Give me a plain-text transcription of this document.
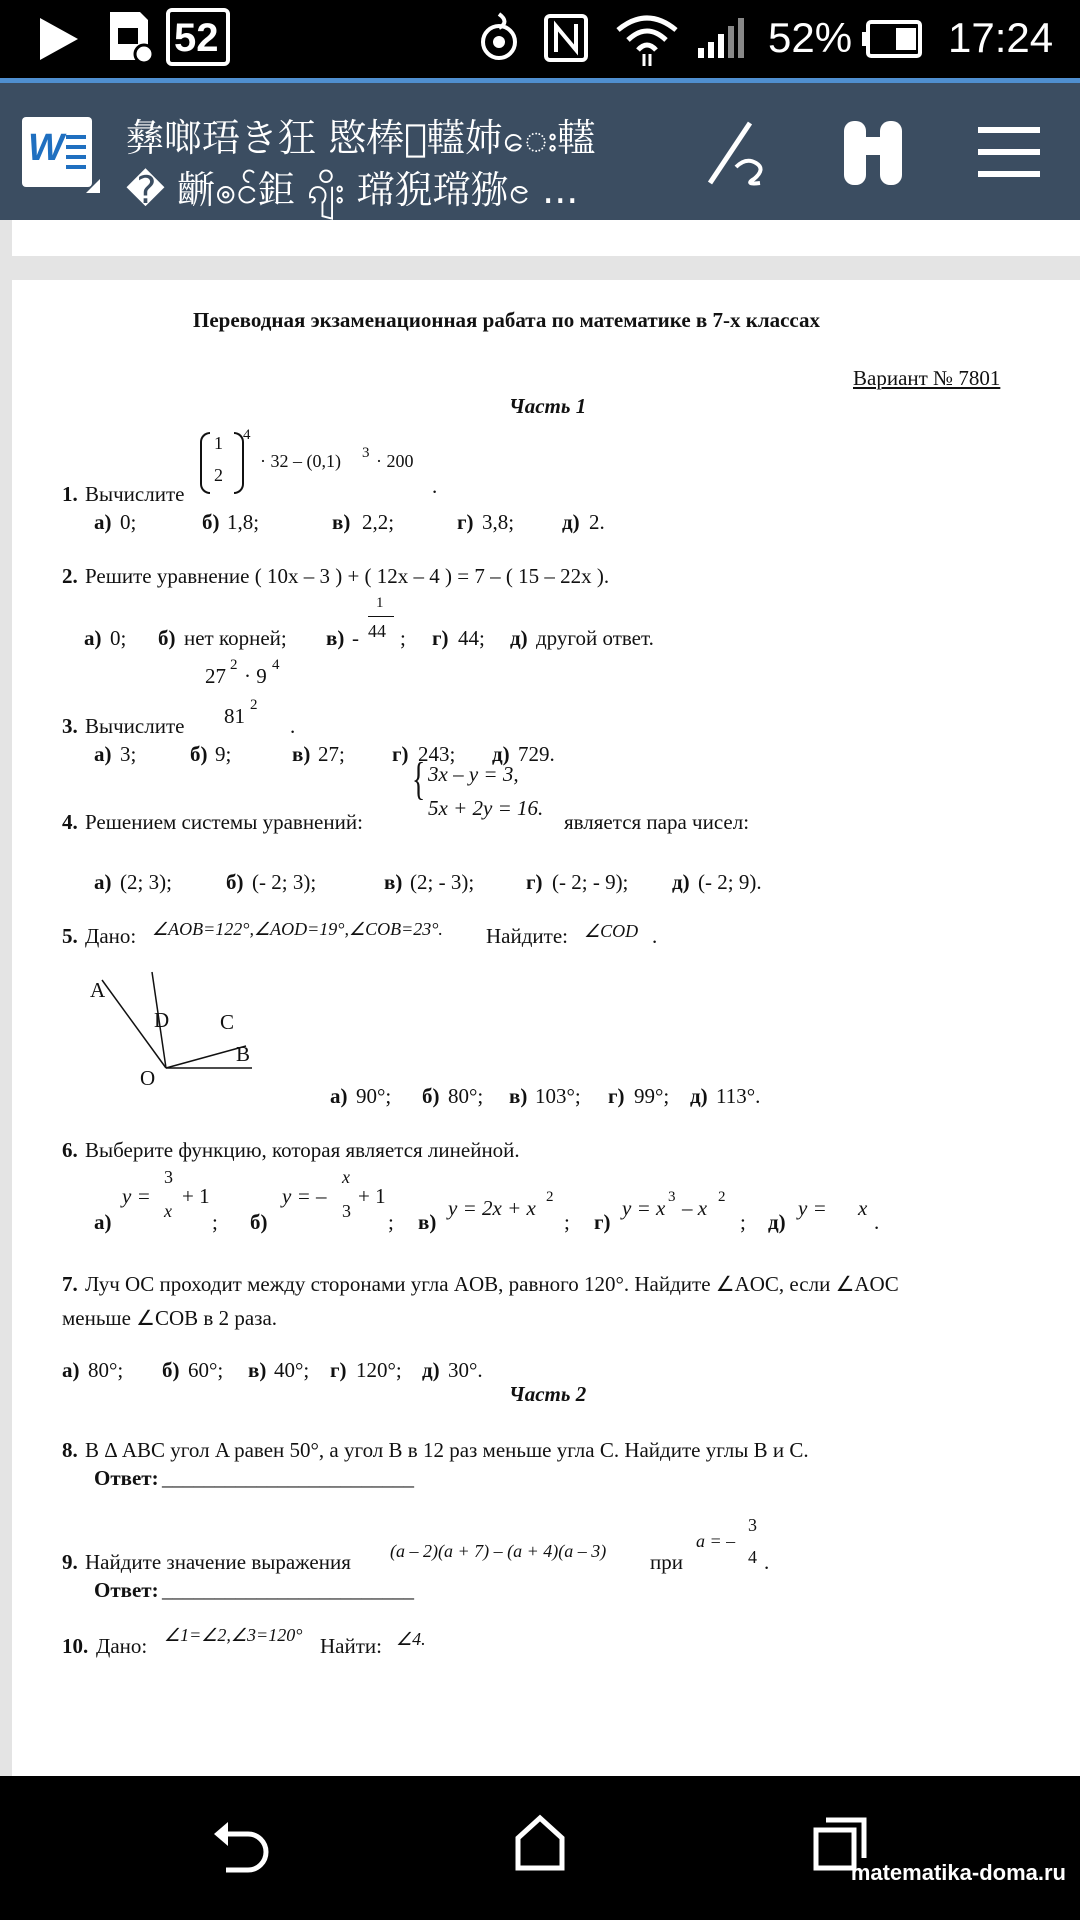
52	52% 17:24
W 彝啷珸き狂 愍棒 䡷姉ေး䡷
� 齭ၜင်鉅 ၵျိး 瑺猊瑺猕ၔ ...
Переводная экзаменационная рабата по математике в 7-х классах
Вариант № 7801
Часть 1
1. Вычислите
1
2
4
· 32 – (0,1) 3 · 200
.
а) 0;	б) 1,8;	в) 2,2;	г) 3,8; д) 2.
2. Решите уравнение ( 10x – 3 ) + ( 12x – 4 ) = 7 – ( 15 – 22x ).
а) 0; б) нет корней; в) -
1
44 ; г) 44; д) другой ответ.
27 2 · 9 4
81 2
.
3. Вычислите
а) 3;	б) 9;	в) 27; г) 243; д) 729.
4. Решением системы уравнений:
{ 3x – y = 3,
5x + 2y = 16.
является пара чисел:
а) (2; 3);	б) (- 2; 3);	в) (2; - 3); г) (- 2; - 9); д) (- 2; 9).
5. Дано: ∠AOB=122°,∠AOD=19°,∠COB=23°. Найдите: ∠COD .
A
D C
B
O
а) 90°; б) 80°; в) 103°; г) 99°; д) 113°.
6. Выберите функцию, которая является линейной.
а)
y =
3
x
+ 1
; б)
y = –
x
3
+ 1
; в)
y = 2x + x 2
; г)
y = x 3 – x 2
; д)
y = x
.
7. Луч OC проходит между сторонами угла AOB, равного 120°. Найдите ∠AOC, если ∠AOC
меньше ∠COB в 2 раза.
а) 80°; б) 60°; в) 40°; г) 120°; д) 30°.
Часть 2
8. В Δ ABC угол A равен 50°, а угол B в 12 раз меньше угла C. Найдите углы B и C.
Ответ: ________________________
9. Найдите значение выражения (a – 2)(a + 7) – (a + 4)(a – 3) при
a = –
3
4 .
Ответ: ________________________
10. Дано: ∠1=∠2,∠3=120° Найти: ∠4.
matematika-doma.ru
